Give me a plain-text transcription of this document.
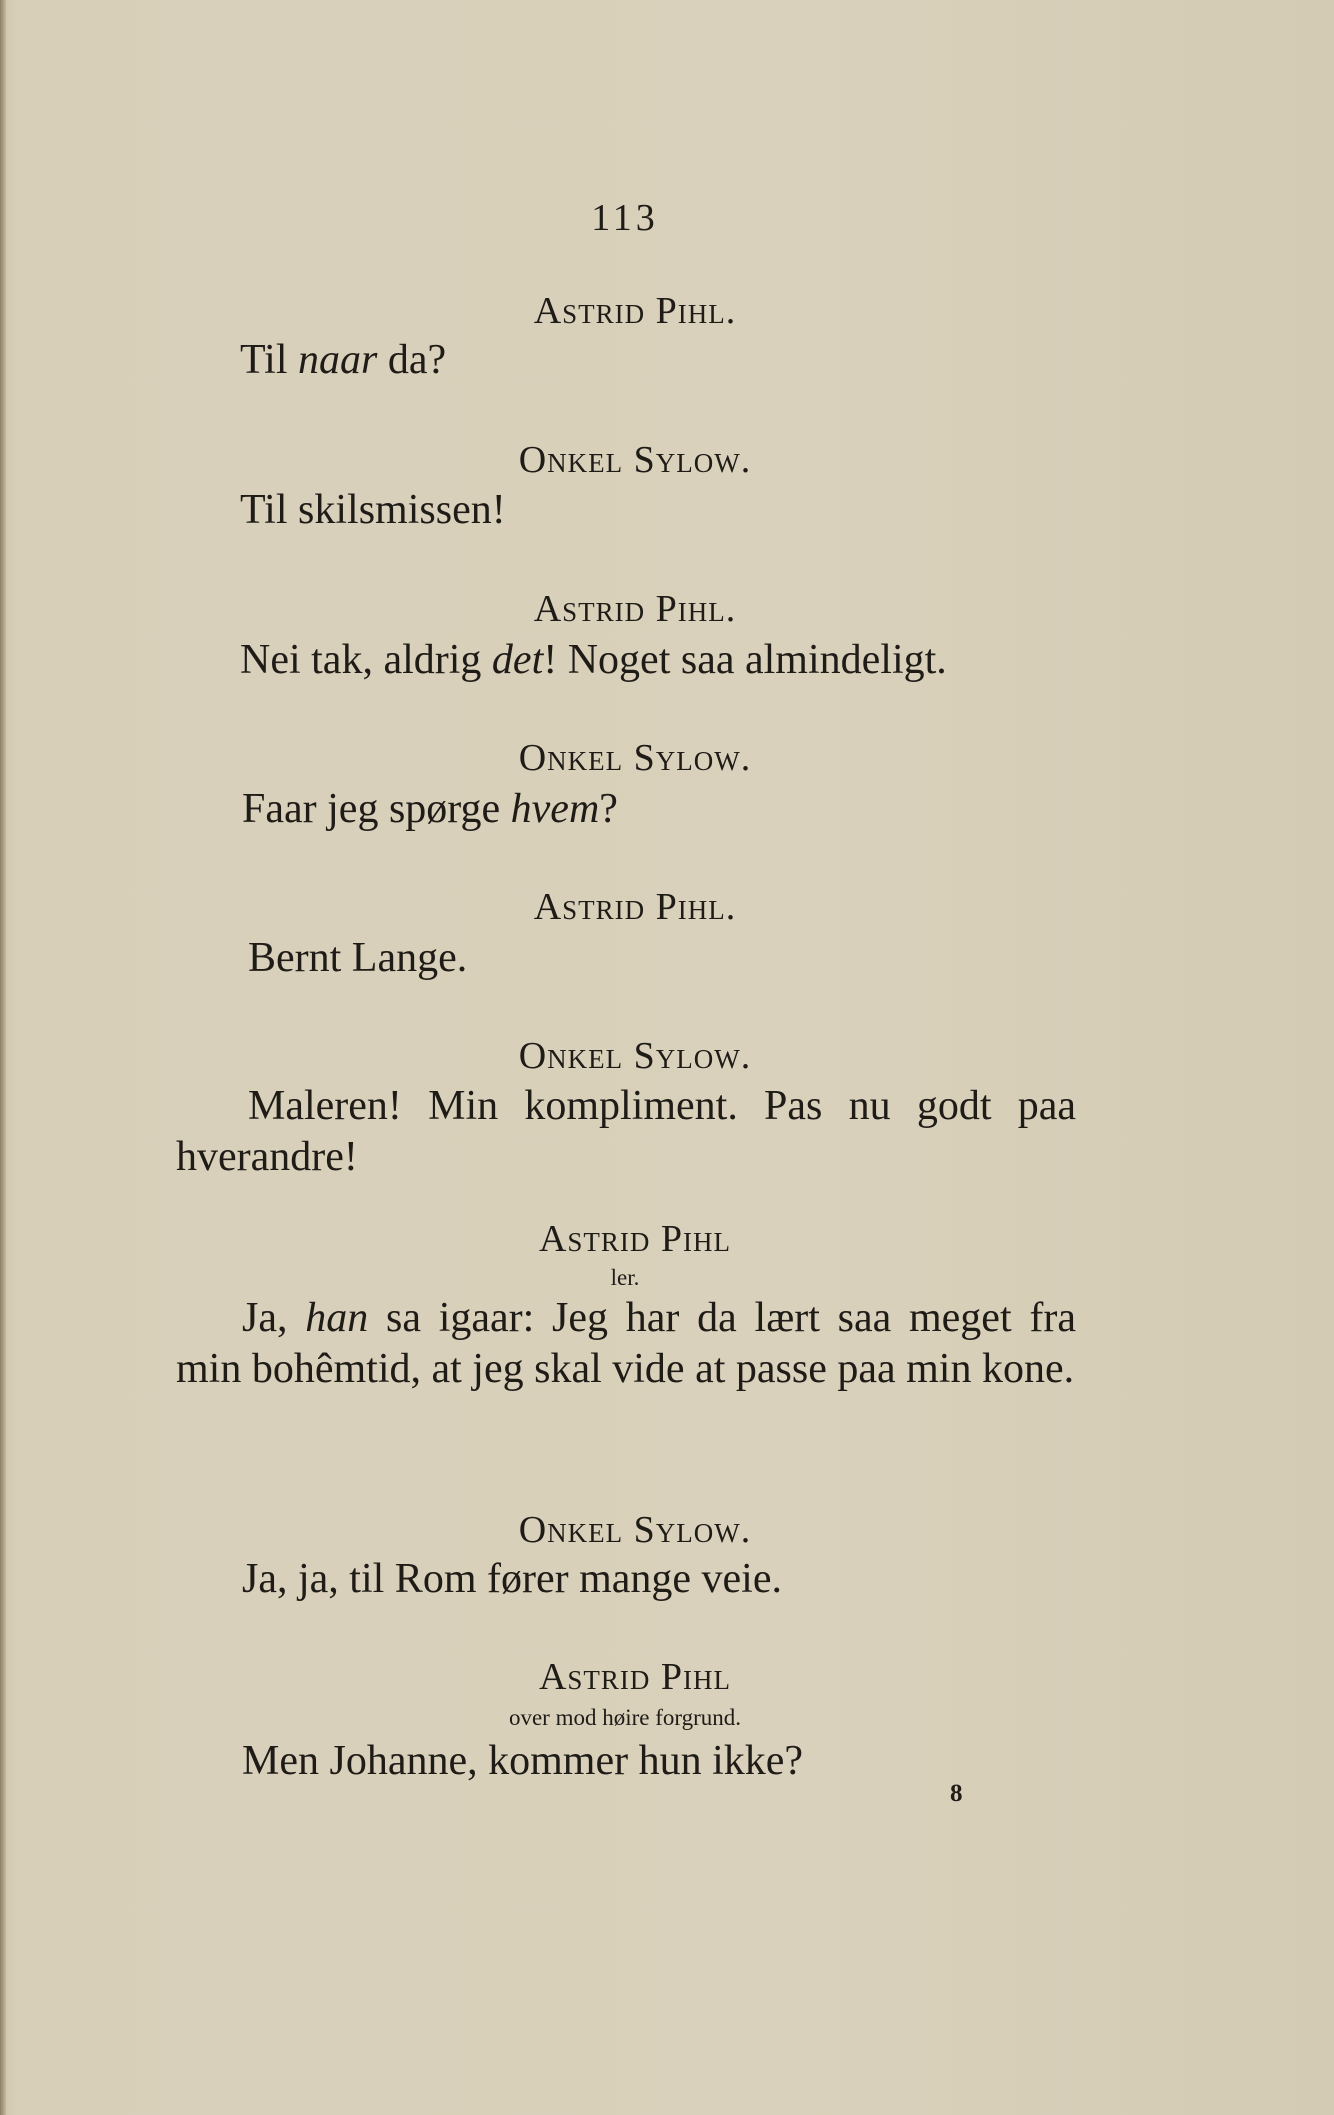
113
Astrid Pihl.
Til naar da?
Onkel Sylow.
Til skilsmissen!
Astrid Pihl.
Nei tak, aldrig det! Noget saa almindeligt.
Onkel Sylow.
Faar jeg spørge hvem?
Astrid Pihl.
Bernt Lange.
Onkel Sylow.
Maleren! Min kompliment. Pas nu godt paa hverandre!
Astrid Pihl
ler.
Ja, han sa igaar: Jeg har da lært saa meget fra min bohêmtid, at jeg skal vide at passe paa min kone.
Onkel Sylow.
Ja, ja, til Rom fører mange veie.
Astrid Pihl
over mod høire forgrund.
Men Johanne, kommer hun ikke?
8
